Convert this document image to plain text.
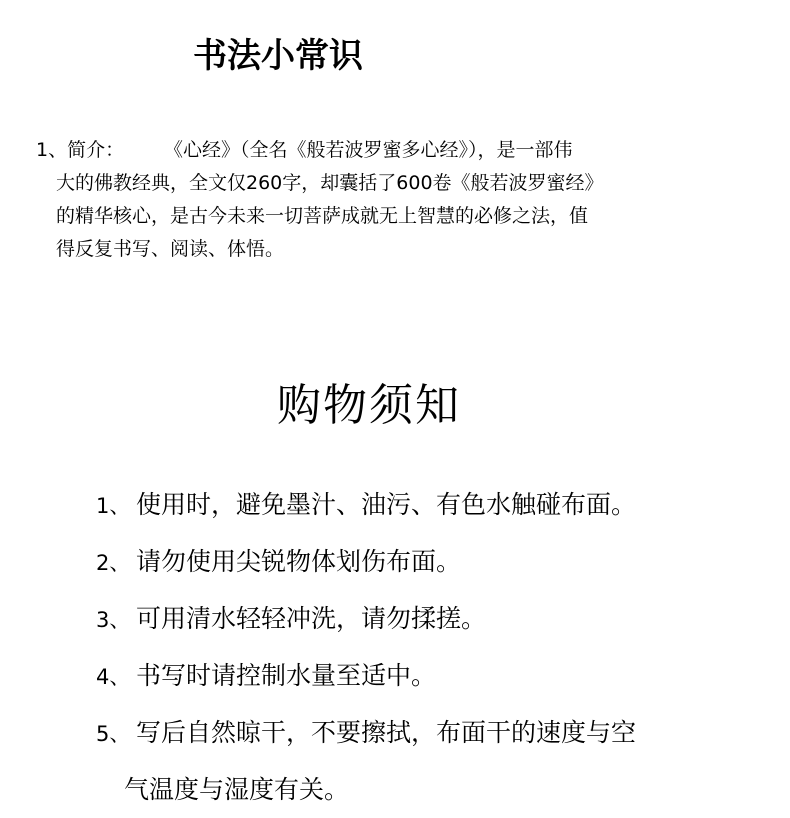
书法小常识
1、简介： 《心经》（全名《般若波罗蜜多心经》），是一部伟
大的佛教经典，全文仅260字，却囊括了600卷《般若波罗蜜经》
的精华核心，是古今未来一切菩萨成就无上智慧的必修之法，值
得反复书写、阅读、体悟。
购物须知
1、 使用时，避免墨汁、油污、有色水触碰布面。
2、 请勿使用尖锐物体划伤布面。
3、 可用清水轻轻冲洗，请勿揉搓。
4、 书写时请控制水量至适中。
5、 写后自然晾干，不要擦拭，布面干的速度与空
气温度与湿度有关。
